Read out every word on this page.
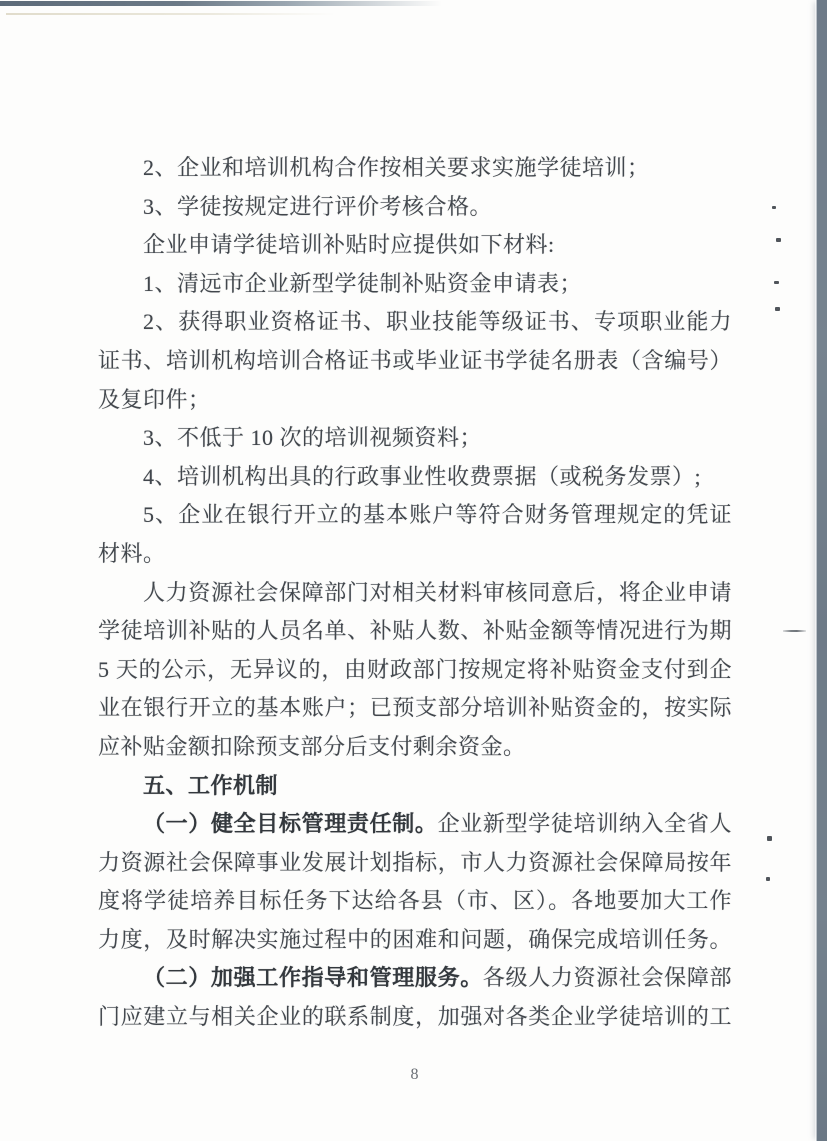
2、企业和培训机构合作按相关要求实施学徒培训；
3、学徒按规定进行评价考核合格。
企业申请学徒培训补贴时应提供如下材料:
1、清远市企业新型学徒制补贴资金申请表；
2、获得职业资格证书、职业技能等级证书、专项职业能力
证书、培训机构培训合格证书或毕业证书学徒名册表（含编号）
及复印件；
3、不低于 10 次的培训视频资料；
4、培训机构出具的行政事业性收费票据（或税务发票）;
5、企业在银行开立的基本账户等符合财务管理规定的凭证
材料。
人力资源社会保障部门对相关材料审核同意后，将企业申请
学徒培训补贴的人员名单、补贴人数、补贴金额等情况进行为期
5 天的公示，无异议的，由财政部门按规定将补贴资金支付到企
业在银行开立的基本账户；已预支部分培训补贴资金的，按实际
应补贴金额扣除预支部分后支付剩余资金。
五、工作机制
（一）健全目标管理责任制。企业新型学徒培训纳入全省人
力资源社会保障事业发展计划指标，市人力资源社会保障局按年
度将学徒培养目标任务下达给各县（市、区）。各地要加大工作
力度，及时解决实施过程中的困难和问题，确保完成培训任务。
（二）加强工作指导和管理服务。各级人力资源社会保障部
门应建立与相关企业的联系制度，加强对各类企业学徒培训的工
8
